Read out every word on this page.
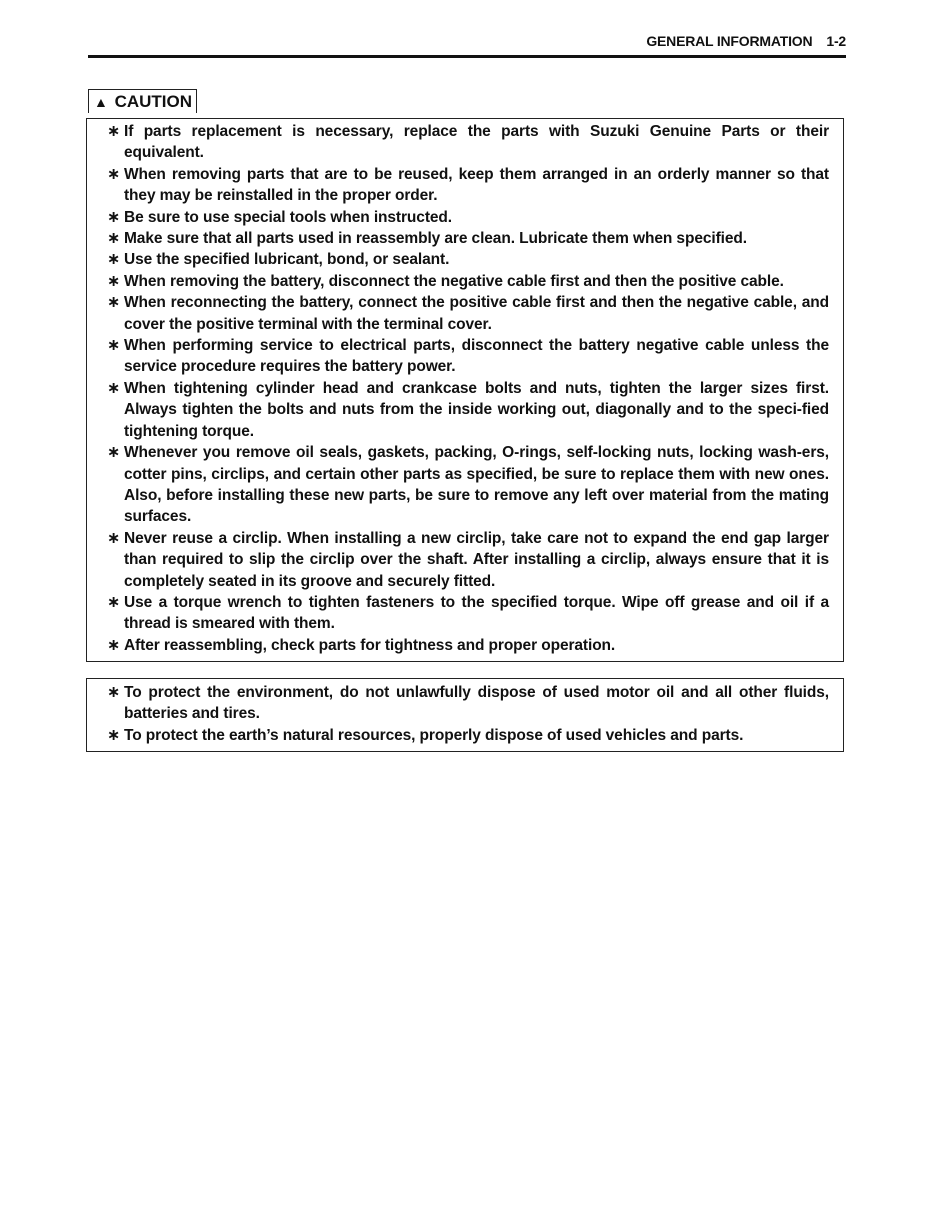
GENERAL INFORMATION 1-2
▲ CAUTION
∗ If parts replacement is necessary, replace the parts with Suzuki Genuine Parts or their equivalent.
∗ When removing parts that are to be reused, keep them arranged in an orderly manner so that they may be reinstalled in the proper order.
∗ Be sure to use special tools when instructed.
∗ Make sure that all parts used in reassembly are clean. Lubricate them when specified.
∗ Use the specified lubricant, bond, or sealant.
∗ When removing the battery, disconnect the negative cable first and then the positive cable.
∗ When reconnecting the battery, connect the positive cable first and then the negative cable, and cover the positive terminal with the terminal cover.
∗ When performing service to electrical parts, disconnect the battery negative cable unless the service procedure requires the battery power.
∗ When tightening cylinder head and crankcase bolts and nuts, tighten the larger sizes first. Always tighten the bolts and nuts from the inside working out, diagonally and to the speci-fied tightening torque.
∗ Whenever you remove oil seals, gaskets, packing, O-rings, self-locking nuts, locking wash-ers, cotter pins, circlips, and certain other parts as specified, be sure to replace them with new ones. Also, before installing these new parts, be sure to remove any left over material from the mating surfaces.
∗ Never reuse a circlip. When installing a new circlip, take care not to expand the end gap larger than required to slip the circlip over the shaft. After installing a circlip, always ensure that it is completely seated in its groove and securely fitted.
∗ Use a torque wrench to tighten fasteners to the specified torque. Wipe off grease and oil if a thread is smeared with them.
∗ After reassembling, check parts for tightness and proper operation.
∗ To protect the environment, do not unlawfully dispose of used motor oil and all other fluids, batteries and tires.
∗ To protect the earth’s natural resources, properly dispose of used vehicles and parts.
